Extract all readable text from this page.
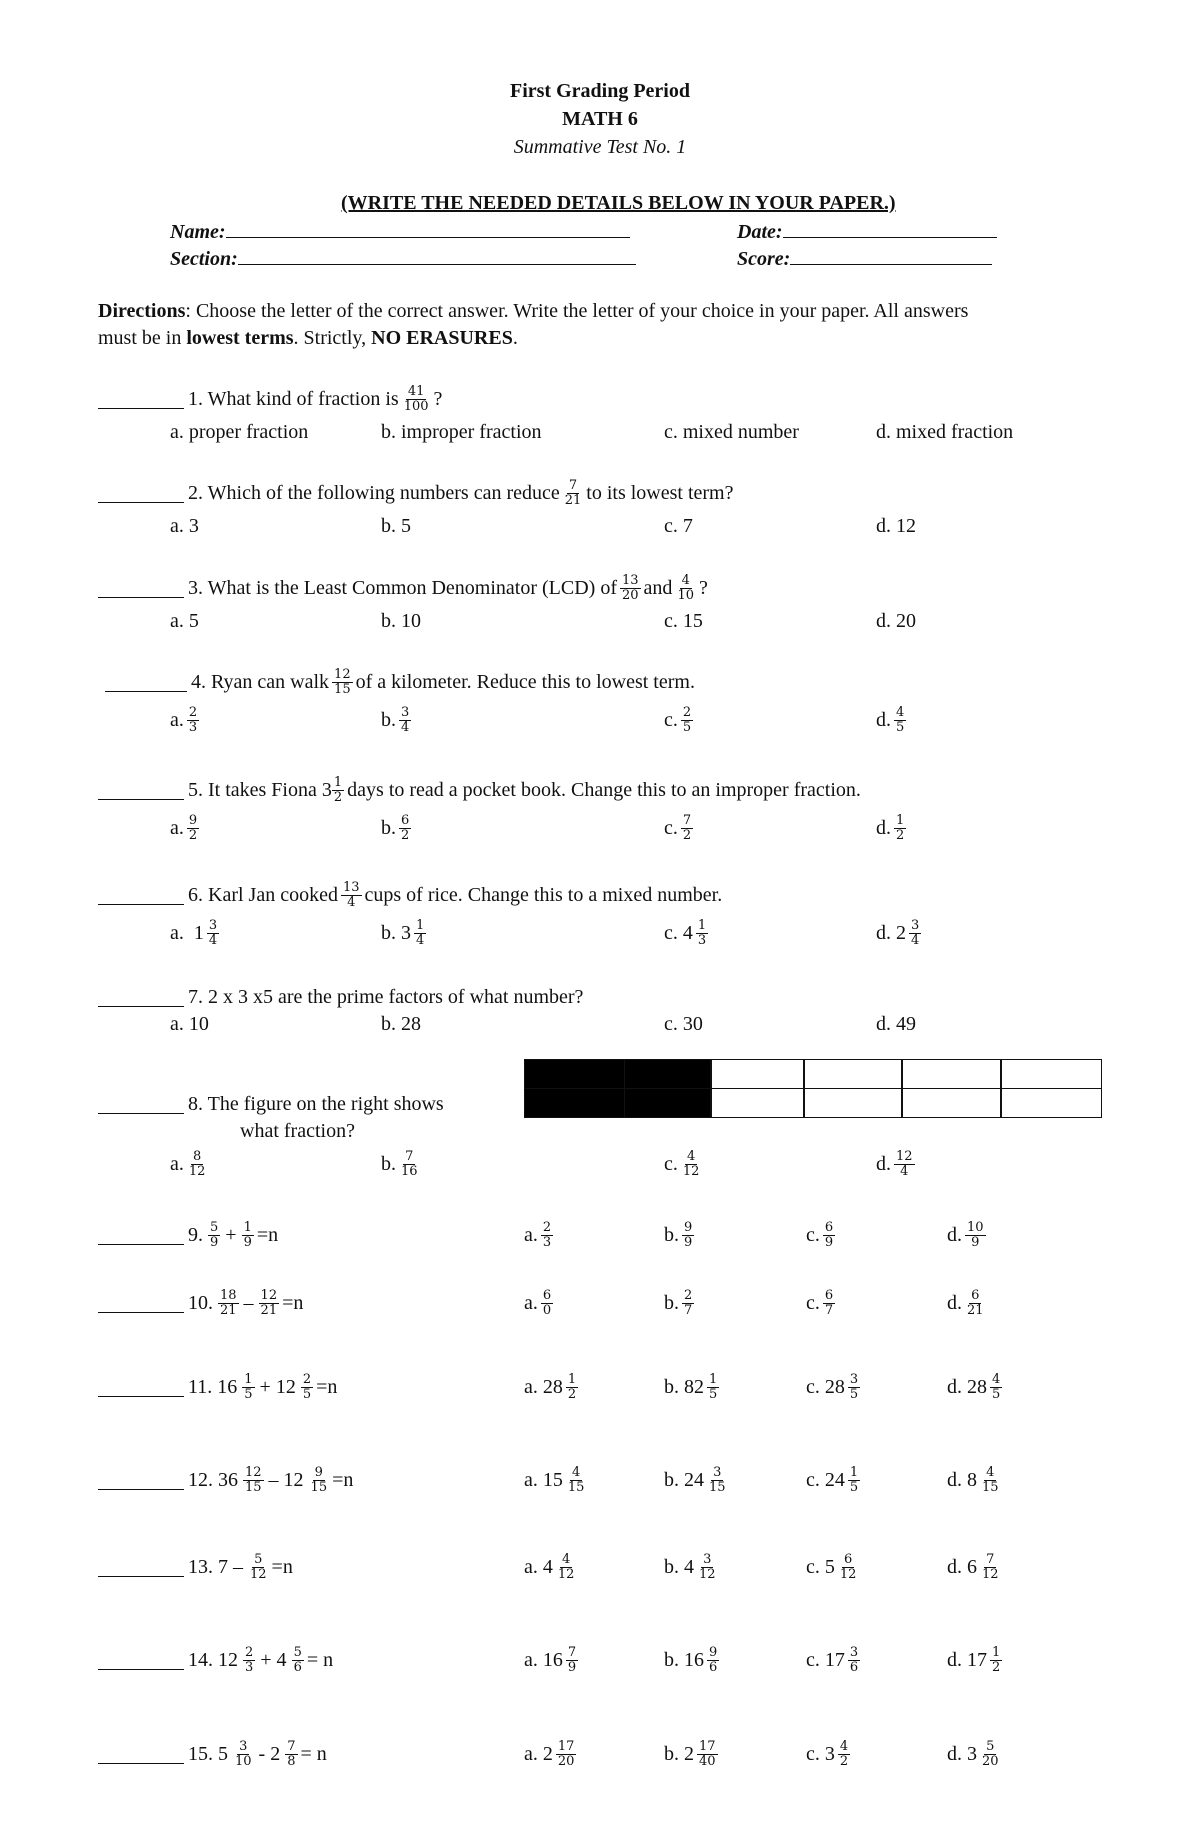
First Grading Period
MATH 6
Summative Test No. 1
(WRITE THE NEEDED DETAILS BELOW IN YOUR PAPER.)
Name:	Date:
Section:	Score:
Directions: Choose the letter of the correct answer. Write the letter of your choice in your paper. All answers
must be in lowest terms. Strictly, NO ERASURES.
1. What kind of fraction is $\frac{41}{100}$ ?
a. proper fraction	b. improper fraction	c. mixed number	d. mixed fraction
2. Which of the following numbers can reduce $\frac{7}{21}$ to its lowest term?
a. 3	b. 5	c. 7	d. 12
3. What is the Least Common Denominator (LCD) of $\frac{13}{20}$ and $\frac{4}{10}$ ?
a. 5	b. 10	c. 15	d. 20
4. Ryan can walk $\frac{12}{15}$ of a kilometer. Reduce this to lowest term.
a. $\frac{2}{3}$	b. $\frac{3}{4}$	c. $\frac{2}{5}$	d. $\frac{4}{5}$
5. It takes Fiona $3 \frac{1}{2}$ days to read a pocket book. Change this to an improper fraction.
a. $\frac{9}{2}$	b. $\frac{6}{2}$	c. $\frac{7}{2}$	d. $\frac{1}{2}$
6. Karl Jan cooked $\frac{13}{4}$ cups of rice. Change this to a mixed number.
a.  $1 \frac{3}{4}$	b. $3 \frac{1}{4}$	c. $4 \frac{1}{3}$	d. $2 \frac{3}{4}$
7. 2 x 3 x5 are the prime factors of what number?
a. 10	b. 28	c. 30	d. 49
8. The figure on the right shows
what fraction?
a. $\frac{8}{12}$	b. $\frac{7}{16}$	c. $\frac{4}{12}$	d. $\frac{12}{4}$
9. $\frac{5}{9} + \frac{1}{9} =n$	a. $\frac{2}{3}$	b. $\frac{9}{9}$	c. $\frac{6}{9}$	d. $\frac{10}{9}$
10. $\frac{18}{21} - \frac{12}{21} =n$	a. $\frac{6}{0}$	b. $\frac{2}{7}$	c. $\frac{6}{7}$	d. $\frac{6}{21}$
11. $16 \frac{1}{5} + 12 \frac{2}{5} =n$	a. $28 \frac{1}{2}$	b. $82 \frac{1}{5}$	c. $28 \frac{3}{5}$	d. $28 \frac{4}{5}$
12. $36 \frac{12}{15} - 12 \frac{9}{15} =n$	a. $15 \frac{4}{15}$	b. $24 \frac{3}{15}$	c. $24 \frac{1}{5}$	d. $8 \frac{4}{15}$
13. $7 - \frac{5}{12} =n$	a. $4 \frac{4}{12}$	b. $4 \frac{3}{12}$	c. $5 \frac{6}{12}$	d. $6 \frac{7}{12}$
14. $12 \frac{2}{3} + 4 \frac{5}{6} = n$	a. $16 \frac{7}{9}$	b. $16 \frac{9}{6}$	c. $17 \frac{3}{6}$	d. $17 \frac{1}{2}$
15. $5 \frac{3}{10} - 2 \frac{7}{8} = n$	a. $2 \frac{17}{20}$	b. $2 \frac{17}{40}$	c. $3 \frac{4}{2}$	d. $3 \frac{5}{20}$
